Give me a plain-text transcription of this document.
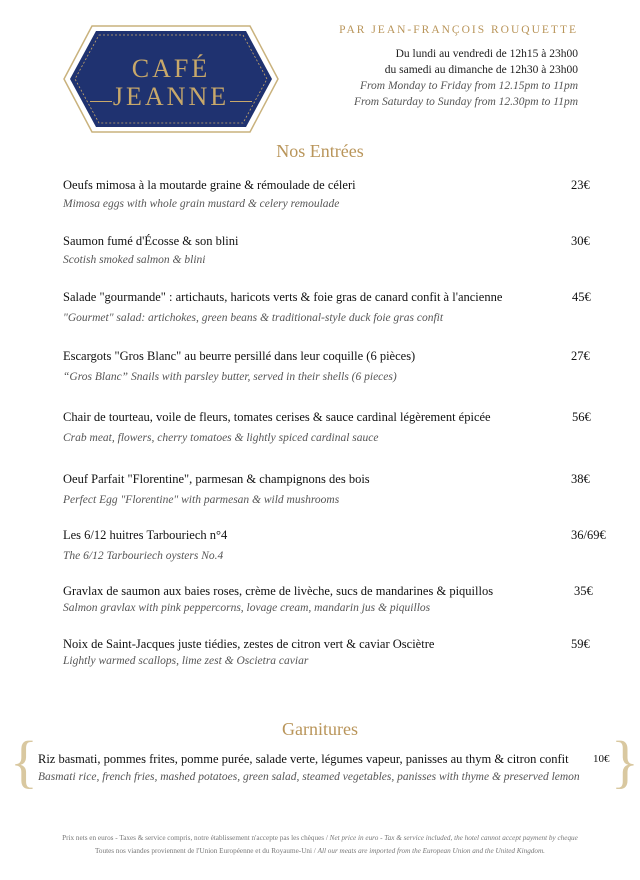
CAFÉ
JEANNE
PAR JEAN-FRANÇOIS ROUQUETTE
Du lundi au vendredi de 12h15 à 23h00
du samedi au dimanche de 12h30 à 23h00
From Monday to Friday from 12.15pm to 11pm
From Saturday to Sunday from 12.30pm to 11pm
Nos Entrées
Oeufs mimosa à la moutarde graine & rémoulade de céleri
Mimosa eggs with whole grain mustard & celery remoulade
23€
Saumon fumé d'Écosse & son blini
Scotish smoked salmon & blini
30€
Salade "gourmande" : artichauts, haricots verts & foie gras de canard confit à l'ancienne
"Gourmet" salad: artichokes, green beans & traditional-style duck foie gras confit
45€
Escargots "Gros Blanc" au beurre persillé dans leur coquille (6 pièces)
“Gros Blanc” Snails with parsley butter, served in their shells (6 pieces)
27€
Chair de tourteau, voile de fleurs, tomates cerises & sauce cardinal légèrement épicée
Crab meat, flowers, cherry tomatoes & lightly spiced cardinal sauce
56€
Oeuf Parfait "Florentine", parmesan & champignons des bois
Perfect Egg "Florentine" with parmesan & wild mushrooms
38€
Les 6/12 huitres Tarbouriech n°4
The 6/12 Tarbouriech oysters No.4
36/69€
Gravlax de saumon aux baies roses, crème de livèche, sucs de mandarines & piquillos
Salmon gravlax with pink peppercorns, lovage cream, mandarin jus & piquillos
35€
Noix de Saint-Jacques juste tiédies, zestes de citron vert & caviar Osciètre
Lightly warmed scallops, lime zest & Oscietra caviar
59€
Garnitures
{	}
Riz basmati, pommes frites, pomme purée, salade verte, légumes vapeur, panisses au thym & citron confit
Basmati rice, french fries, mashed potatoes, green salad, steamed vegetables, panisses with thyme & preserved lemon
10€
Prix nets en euros - Taxes & service compris, notre établissement n'accepte pas les chèques / Net price in euro - Tax & service included, the hotel cannot accept payment by cheque
Toutes nos viandes proviennent de l'Union Européenne et du Royaume-Uni / All our meats are imported from the European Union and the United Kingdom.
